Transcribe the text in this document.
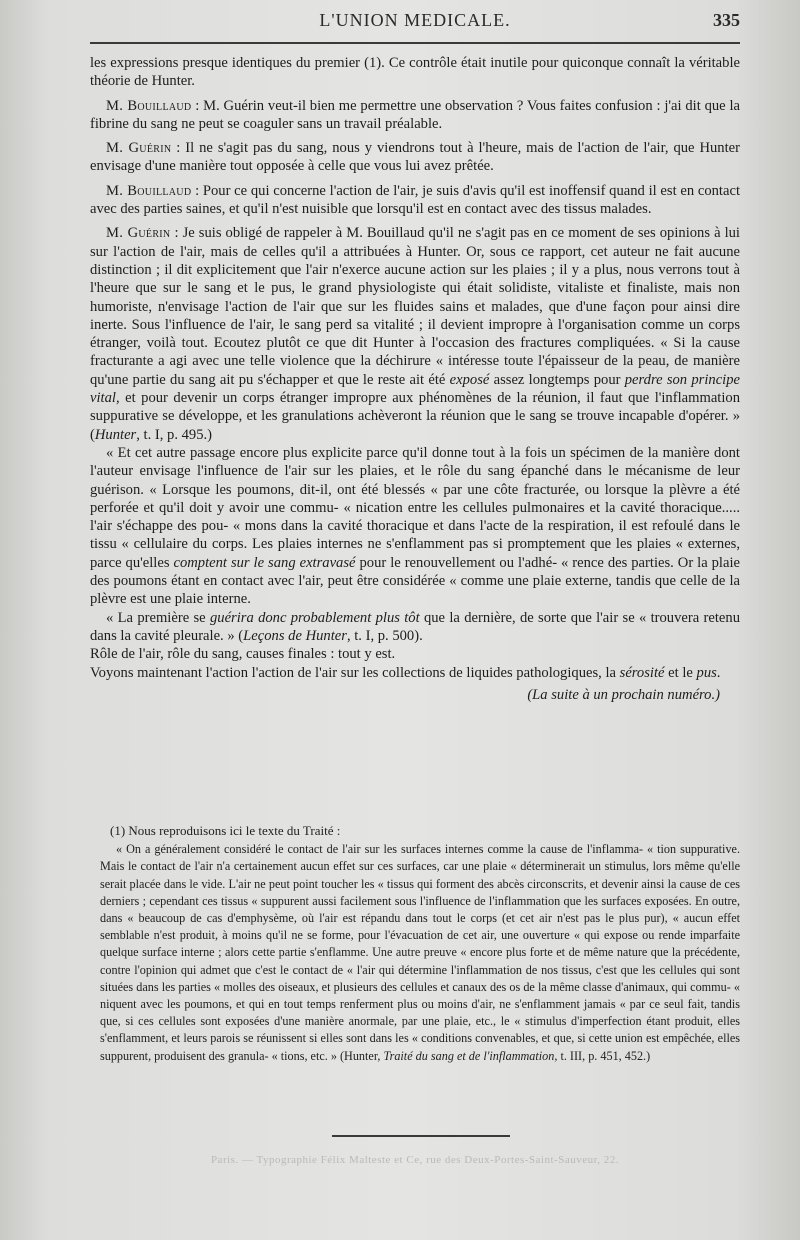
L'UNION MEDICALE.	335

les expressions presque identiques du premier (1). Ce contrôle était inutile pour quiconque connaît la véritable théorie de Hunter.

M. Bouillaud : M. Guérin veut-il bien me permettre une observation ? Vous faites confusion : j'ai dit que la fibrine du sang ne peut se coaguler sans un travail préalable.

M. Guérin : Il ne s'agit pas du sang, nous y viendrons tout à l'heure, mais de l'action de l'air, que Hunter envisage d'une manière tout opposée à celle que vous lui avez prêtée.

M. Bouillaud : Pour ce qui concerne l'action de l'air, je suis d'avis qu'il est inoffensif quand il est en contact avec des parties saines, et qu'il n'est nuisible que lorsqu'il est en contact avec des tissus malades.

M. Guérin : Je suis obligé de rappeler à M. Bouillaud qu'il ne s'agit pas en ce moment de ses opinions à lui sur l'action de l'air, mais de celles qu'il a attribuées à Hunter. Or, sous ce rapport, cet auteur ne fait aucune distinction ; il dit explicitement que l'air n'exerce aucune action sur les plaies ; il y a plus, nous verrons tout à l'heure que sur le sang et le pus, le grand physiologiste qui était solidiste, vitaliste et finaliste, mais non humoriste, n'envisage l'action de l'air que sur les fluides sains et malades, que d'une façon pour ainsi dire inerte. Sous l'influence de l'air, le sang perd sa vitalité ; il devient impropre à l'organisation comme un corps étranger, voilà tout. Ecoutez plutôt ce que dit Hunter à l'occasion des fractures compliquées. « Si la cause fracturante a agi avec une telle violence que la déchirure « intéresse toute l'épaisseur de la peau, de manière qu'une partie du sang ait pu s'échapper et que le reste ait été exposé assez longtemps pour perdre son principe vital, et pour devenir un corps étranger impropre aux phénomènes de la réunion, il faut que l'inflammation suppurative se développe, et les granulations achèveront la réunion que le sang se trouve incapable d'opérer. » (Hunter, t. I, p. 495.)

« Et cet autre passage encore plus explicite parce qu'il donne tout à la fois un spécimen de la manière dont l'auteur envisage l'influence de l'air sur les plaies, et le rôle du sang épanché dans le mécanisme de leur guérison. « Lorsque les poumons, dit-il, ont été blessés « par une côte fracturée, ou lorsque la plèvre a été perforée et qu'il doit y avoir une commu- « nication entre les cellules pulmonaires et la cavité thoracique..... l'air s'échappe des pou- « mons dans la cavité thoracique et dans l'acte de la respiration, il est refoulé dans le tissu « cellulaire du corps. Les plaies internes ne s'enflamment pas si promptement que les plaies « externes, parce qu'elles comptent sur le sang extravasé pour le renouvellement ou l'adhé- « rence des parties. Or la plaie des poumons étant en contact avec l'air, peut être considérée « comme une plaie externe, tandis que celle de la plèvre est une plaie interne.

« La première se guérira donc probablement plus tôt que la dernière, de sorte que l'air se « trouvera retenu dans la cavité pleurale. » (Leçons de Hunter, t. I, p. 500).

Rôle de l'air, rôle du sang, causes finales : tout y est.

Voyons maintenant l'action l'action de l'air sur les collections de liquides pathologiques, la sérosité et le pus.

(La suite à un prochain numéro.)

(1) Nous reproduisons ici le texte du Traité :

« On a généralement considéré le contact de l'air sur les surfaces internes comme la cause de l'inflamma- « tion suppurative. Mais le contact de l'air n'a certainement aucun effet sur ces surfaces, car une plaie « déterminerait un stimulus, lors même qu'elle serait placée dans le vide. L'air ne peut point toucher les « tissus qui forment des abcès circonscrits, et devenir ainsi la cause de ces derniers ; cependant ces tissus « suppurent aussi facilement sous l'influence de l'inflammation que les surfaces exposées. En outre, dans « beaucoup de cas d'emphysème, où l'air est répandu dans tout le corps (et cet air n'est pas le plus pur), « aucun effet semblable n'est produit, à moins qu'il ne se forme, pour l'évacuation de cet air, une ouverture « qui expose ou rende imparfaite quelque surface interne ; alors cette partie s'enflamme. Une autre preuve « encore plus forte et de même nature que la précédente, contre l'opinion qui admet que c'est le contact de « l'air qui détermine l'inflammation de nos tissus, c'est que les cellules qui sont situées dans les parties « molles des oiseaux, et plusieurs des cellules et canaux des os de la même classe d'animaux, qui commu- « niquent avec les poumons, et qui en tout temps renferment plus ou moins d'air, ne s'enflamment jamais « par ce seul fait, tandis que, si ces cellules sont exposées d'une manière anormale, par une plaie, etc., le « stimulus d'imperfection étant produit, elles s'enflamment, et leurs parois se réunissent si elles sont dans les « conditions convenables, et que, si cette union est empêchée, elles suppurent, produisent des granula- « tions, etc. » (Hunter, Traité du sang et de l'inflammation, t. III, p. 451, 452.)

Paris. — Typographie Félix Malteste et Ce, rue des Deux-Portes-Saint-Sauveur, 22.
